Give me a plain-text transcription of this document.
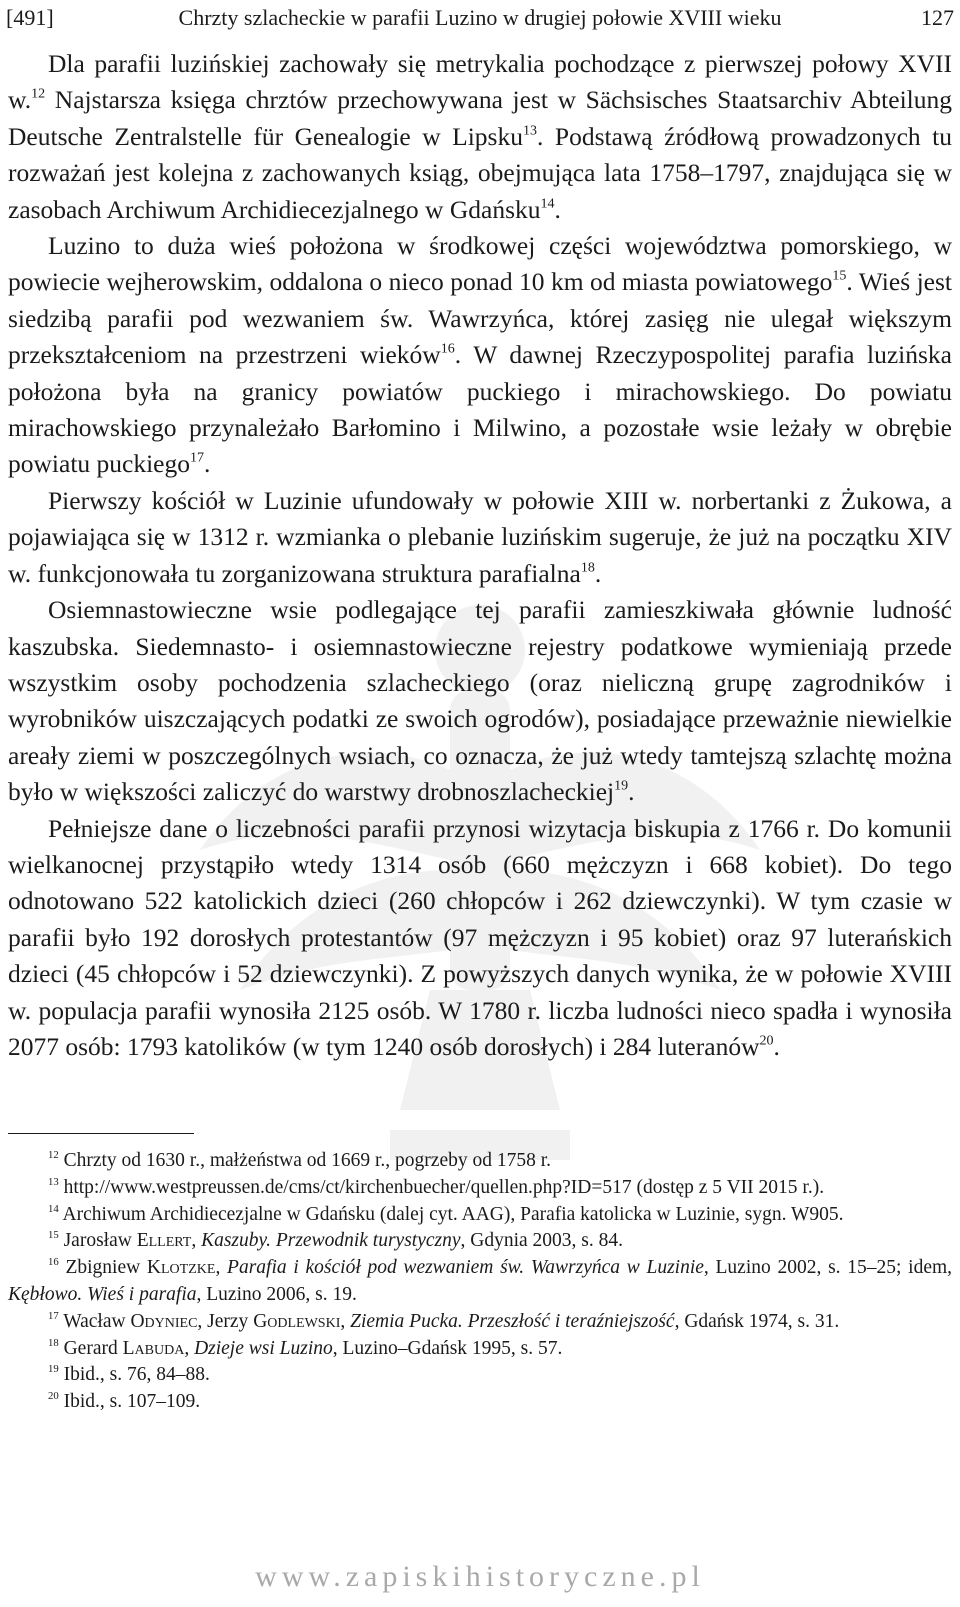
[491]	Chrzty szlacheckie w parafii Luzino w drugiej połowie XVIII wieku	127

Dla parafii luzińskiej zachowały się metrykalia pochodzące z pierwszej połowy XVII w.$^{12}$ Najstarsza księga chrztów przechowywana jest w Sächsisches Staatsarchiv Abteilung Deutsche Zentralstelle für Genealogie w Lipsku$^{13}$. Podstawą źródłową prowadzonych tu rozważań jest kolejna z zachowanych ksiąg, obejmująca lata 1758–1797, znajdująca się w zasobach Archiwum Archidiecezjalnego w Gdańsku$^{14}$.

Luzino to duża wieś położona w środkowej części województwa pomorskiego, w powiecie wejherowskim, oddalona o nieco ponad 10 km od miasta powiatowego$^{15}$. Wieś jest siedzibą parafii pod wezwaniem św. Wawrzyńca, której zasięg nie ulegał większym przekształceniom na przestrzeni wieków$^{16}$. W dawnej Rzeczypospolitej parafia luzińska położona była na granicy powiatów puckiego i mirachowskiego. Do powiatu mirachowskiego przynależało Barłomino i Milwino, a pozostałe wsie leżały w obrębie powiatu puckiego$^{17}$.

Pierwszy kościół w Luzinie ufundowały w połowie XIII w. norbertanki z Żukowa, a pojawiająca się w 1312 r. wzmianka o plebanie luzińskim sugeruje, że już na początku XIV w. funkcjonowała tu zorganizowana struktura parafialna$^{18}$.

Osiemnastowieczne wsie podlegające tej parafii zamieszkiwała głównie ludność kaszubska. Siedemnasto- i osiemnastowieczne rejestry podatkowe wymieniają przede wszystkim osoby pochodzenia szlacheckiego (oraz nieliczną grupę zagrodników i wyrobników uiszczających podatki ze swoich ogrodów), posiadające przeważnie niewielkie areały ziemi w poszczególnych wsiach, co oznacza, że już wtedy tamtejszą szlachtę można było w większości zaliczyć do warstwy drobnoszlacheckiej$^{19}$.

Pełniejsze dane o liczebności parafii przynosi wizytacja biskupia z 1766 r. Do komunii wielkanocnej przystąpiło wtedy 1314 osób (660 mężczyzn i 668 kobiet). Do tego odnotowano 522 katolickich dzieci (260 chłopców i 262 dziewczynki). W tym czasie w parafii było 192 dorosłych protestantów (97 mężczyzn i 95 kobiet) oraz 97 luterańskich dzieci (45 chłopców i 52 dziewczynki). Z powyższych danych wynika, że w połowie XVIII w. populacja parafii wynosiła 2125 osób. W 1780 r. liczba ludności nieco spadła i wynosiła 2077 osób: 1793 katolików (w tym 1240 osób dorosłych) i 284 luteranów$^{20}$.

$^{12}$ Chrzty od 1630 r., małżeństwa od 1669 r., pogrzeby od 1758 r.

$^{13}$ http://www.westpreussen.de/cms/ct/kirchenbuecher/quellen.php?ID=517 (dostęp z 5 VII 2015 r.).

$^{14}$ Archiwum Archidiecezjalne w Gdańsku (dalej cyt. AAG), Parafia katolicka w Luzinie, sygn. W905.

$^{15}$ Jarosław Ellert, Kaszuby. Przewodnik turystyczny, Gdynia 2003, s. 84.

$^{16}$ Zbigniew Klotzke, Parafia i kościół pod wezwaniem św. Wawrzyńca w Luzinie, Luzino 2002, s. 15–25; idem, Kębłowo. Wieś i parafia, Luzino 2006, s. 19.

$^{17}$ Wacław Odyniec, Jerzy Godlewski, Ziemia Pucka. Przeszłość i teraźniejszość, Gdańsk 1974, s. 31.

$^{18}$ Gerard Labuda, Dzieje wsi Luzino, Luzino–Gdańsk 1995, s. 57.

$^{19}$ Ibid., s. 76, 84–88.

$^{20}$ Ibid., s. 107–109.

www.zapiskihistoryczne.pl
